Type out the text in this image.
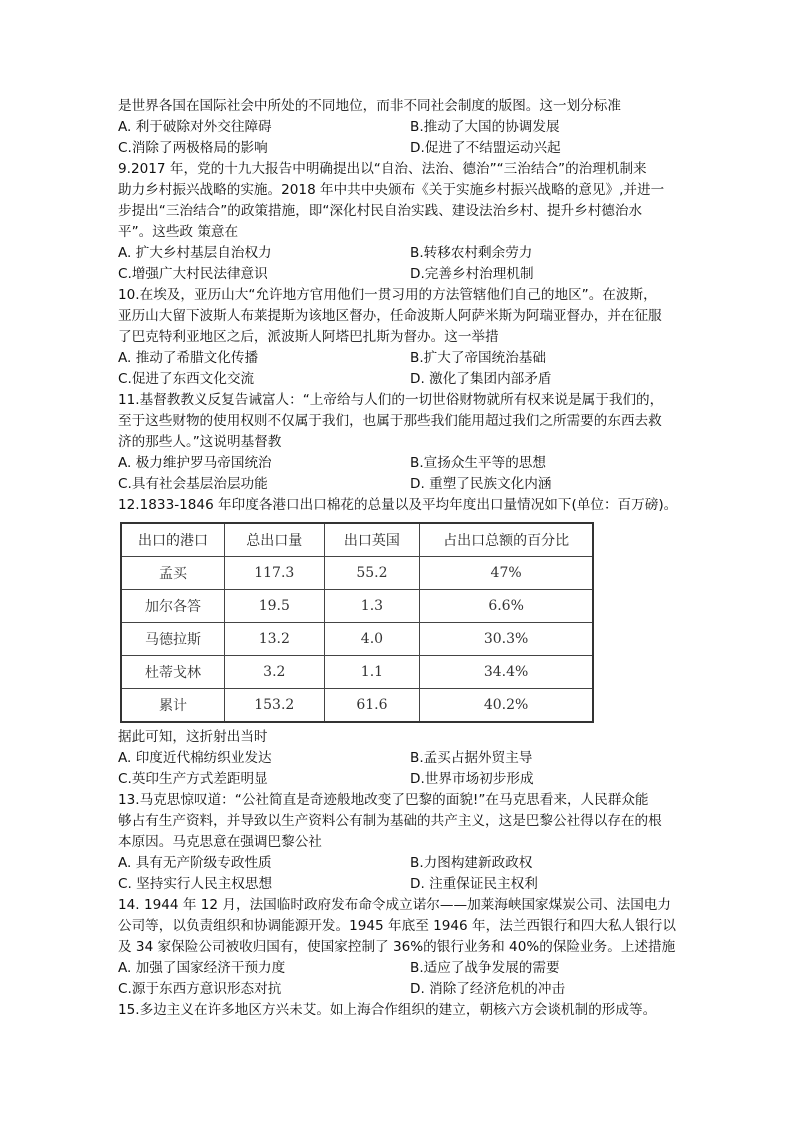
是世界各国在国际社会中所处的不同地位，而非不同社会制度的版图。这一划分标准
A. 利于破除对外交往障碍	B.推动了大国的协调发展
C.消除了两极格局的影响	D.促进了不结盟运动兴起
9.2017 年，党的十九大报告中明确提出以“自治、法治、德治”“三治结合”的治理机制来
助力乡村振兴战略的实施。2018 年中共中央颁布《关于实施乡村振兴战略的意见》,并进一
步提出“三治结合”的政策措施，即“深化村民自治实践、建设法治乡村、提升乡村德治水
平”。这些政 策意在
A. 扩大乡村基层自治权力	B.转移农村剩余劳力
C.增强广大村民法律意识	D.完善乡村治理机制
10.在埃及，亚历山大“允许地方官用他们一贯习用的方法管辖他们自己的地区”。在波斯，
亚历山大留下波斯人布莱提斯为该地区督办，任命波斯人阿萨米斯为阿瑞亚督办，并在征服
了巴克特利亚地区之后，派波斯人阿塔巴扎斯为督办。这一举措
A. 推动了希腊文化传播	B.扩大了帝国统治基础
C.促进了东西文化交流	D. 激化了集团内部矛盾
11.基督教教义反复告诫富人：“上帝给与人们的一切世俗财物就所有权来说是属于我们的，
至于这些财物的使用权则不仅属于我们，也属于那些我们能用超过我们之所需要的东西去救
济的那些人。”这说明基督教
A. 极力维护罗马帝国统治	B.宣扬众生平等的思想
C.具有社会基层治层功能	D. 重塑了民族文化内涵
12.1833-1846 年印度各港口出口棉花的总量以及平均年度出口量情况如下(单位：百万磅)。
出口的港口	总出口量	出口英国	占出口总额的百分比
孟买	117.3	55.2	47%
加尔各答	19.5	1.3	6.6%
马德拉斯	13.2	4.0	30.3%
杜蒂戈林	3.2	1.1	34.4%
累计	153.2	61.6	40.2%
据此可知，这折射出当时
A. 印度近代棉纺织业发达	B.孟买占据外贸主导
C.英印生产方式差距明显	D.世界市场初步形成
13.马克思惊叹道：“公社简直是奇迹般地改变了巴黎的面貌!”在马克思看来，人民群众能
够占有生产资料，并导致以生产资料公有制为基础的共产主义，这是巴黎公社得以存在的根
本原因。马克思意在强调巴黎公社
A. 具有无产阶级专政性质	B.力图构建新政政权
C. 坚持实行人民主权思想	D. 注重保证民主权利
14. 1944 年 12 月，法国临时政府发布命令成立诺尔——加莱海峡国家煤炭公司、法国电力
公司等，以负责组织和协调能源开发。1945 年底至 1946 年，法兰西银行和四大私人银行以
及 34 家保险公司被收归国有，使国家控制了 36%的银行业务和 40%的保险业务。上述措施
A. 加强了国家经济干预力度	B.适应了战争发展的需要
C.源于东西方意识形态对抗	D. 消除了经济危机的冲击
15.多边主义在许多地区方兴未艾。如上海合作组织的建立，朝核六方会谈机制的形成等。
